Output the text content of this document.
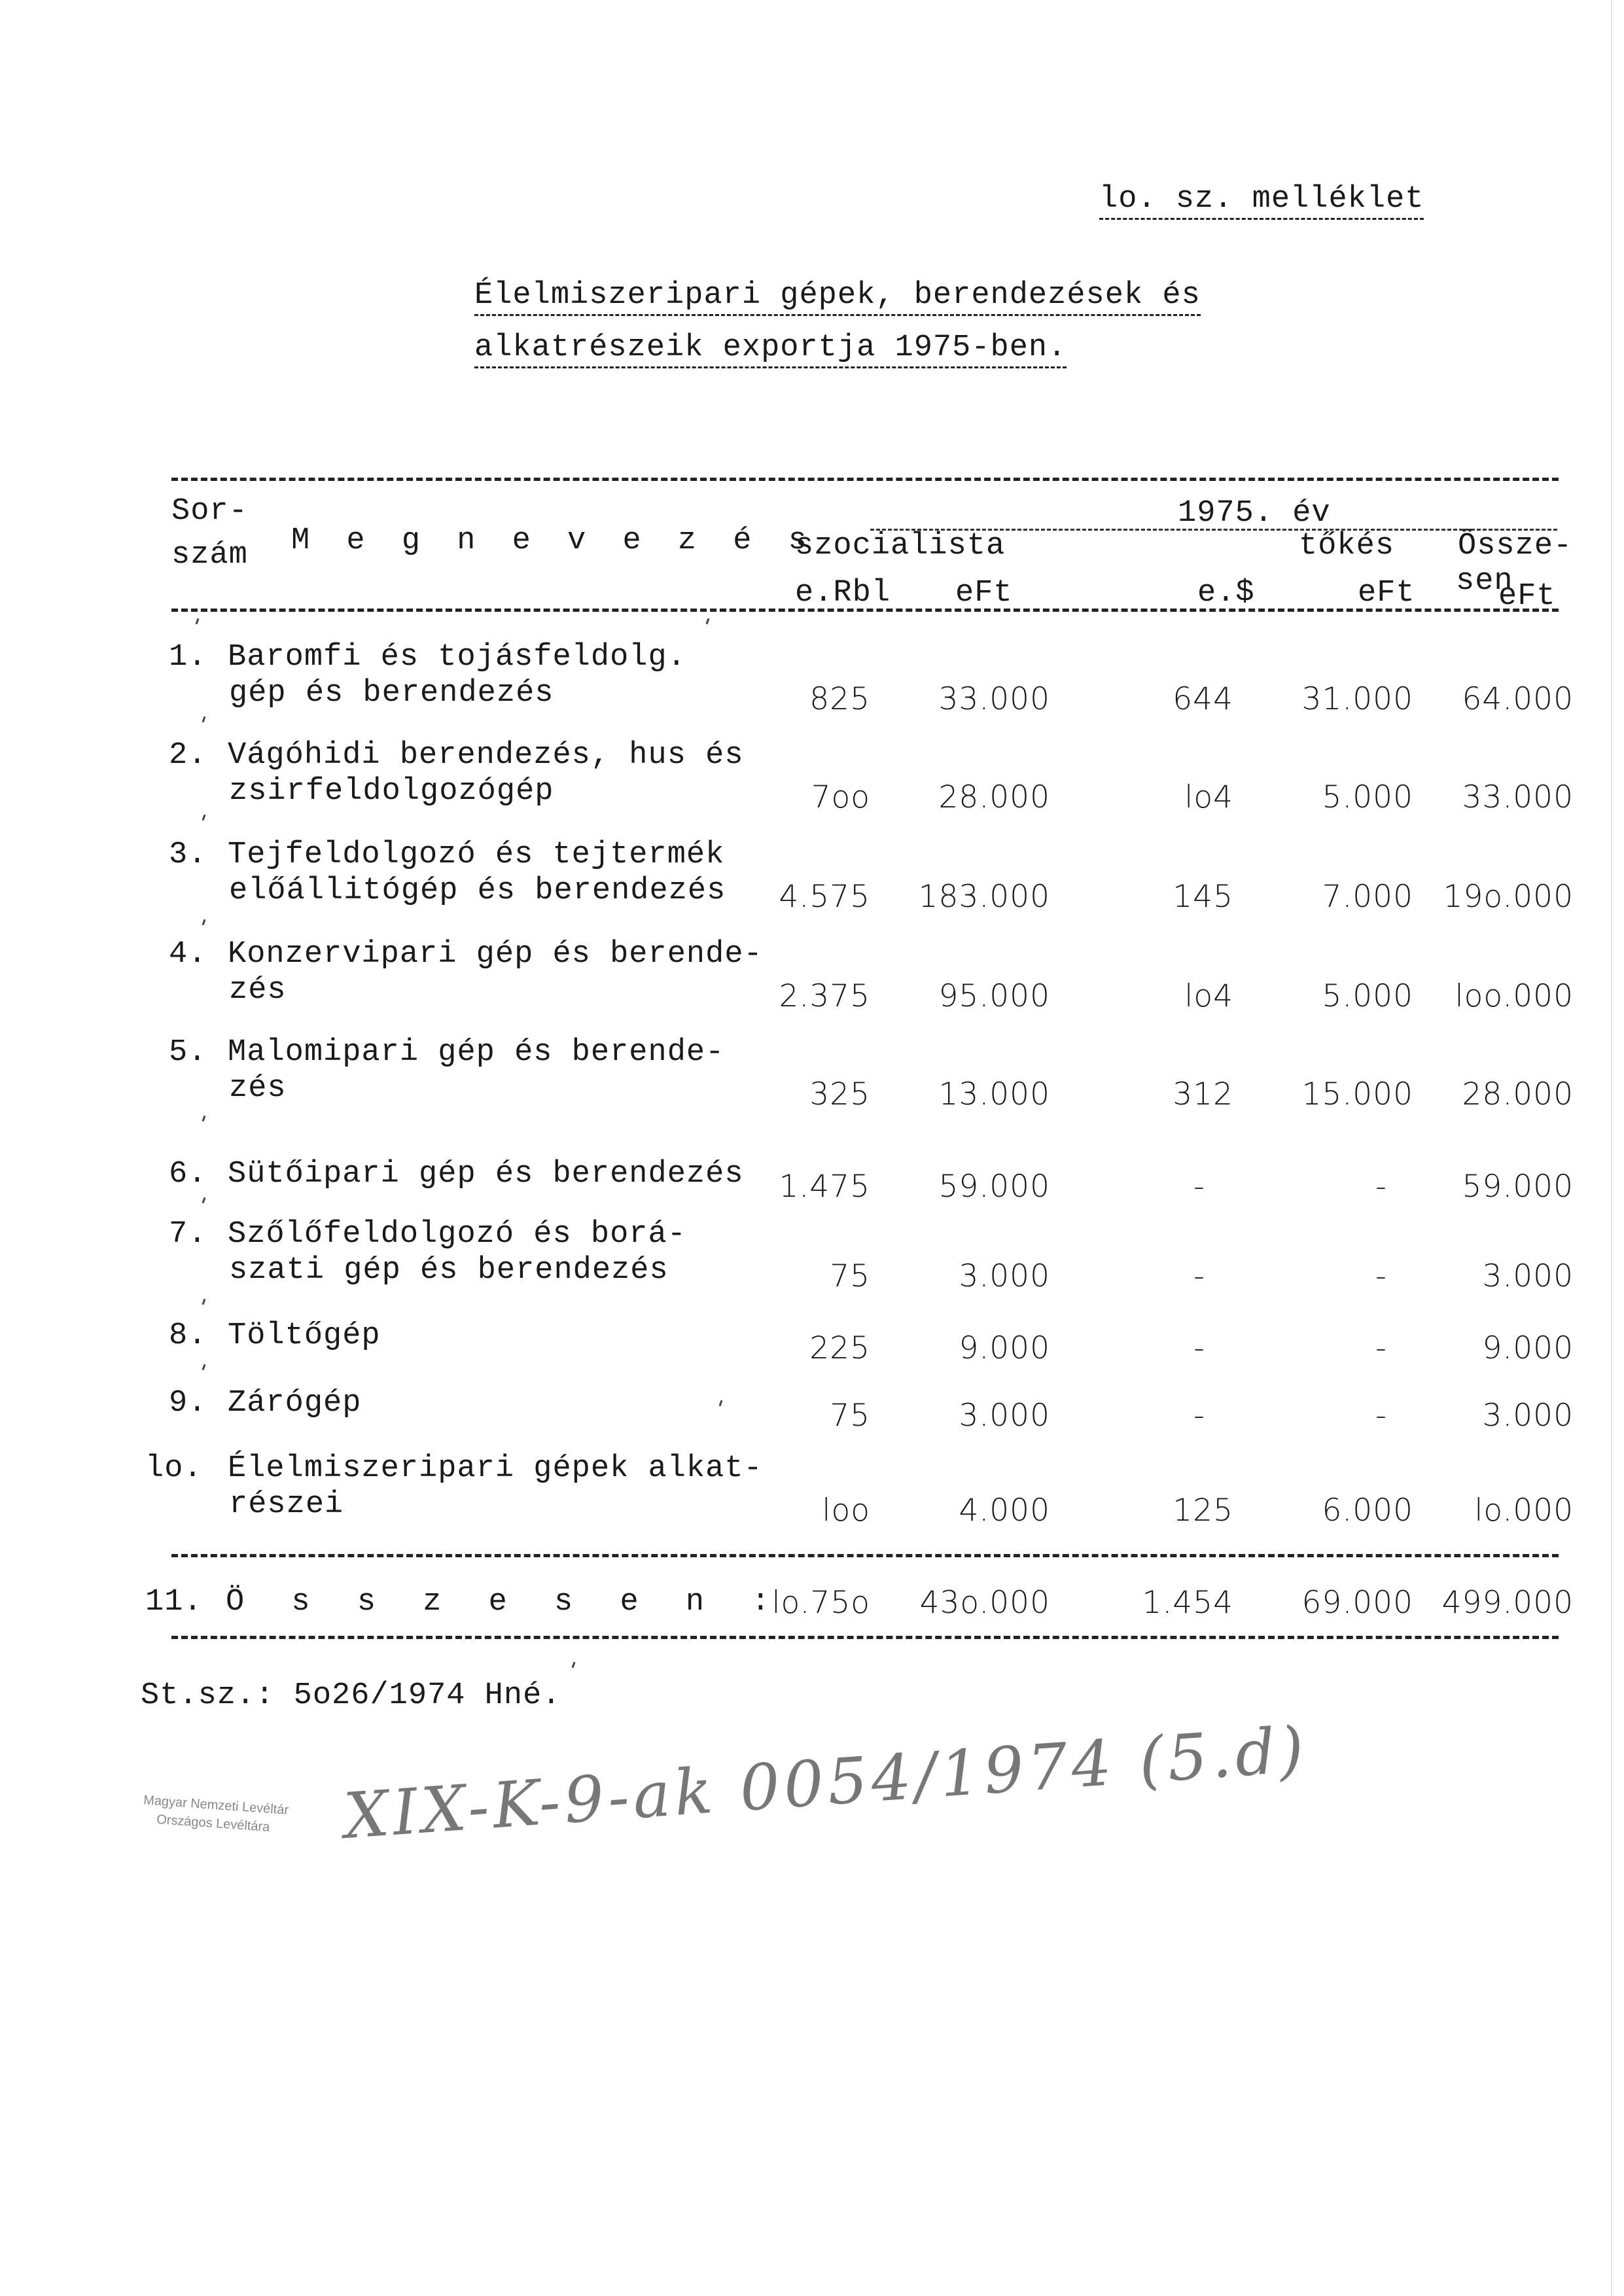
lo. sz. melléklet
Élelmiszeripari gépek, berendezések és
alkatrészeik exportja 1975-ben.
Sor-
szám M e g n e v e z é s
1975. év
szocialista	tőkés Össze-
sen
e.Rbl eFt	e.$	eFt	eFt
1. Baromfi és tojásfeldolg.
gép és berendezés	825 33.000	644 31.000 64.000
2. Vágóhidi berendezés, hus és
zsirfeldolgozógép	7oo 28.000	lo4	5.000 33.000
3. Tejfeldolgozó és tejtermék
előállitógép és berendezés 4.575 183.000	145	7.000 19o.000
4. Konzervipari gép és berende-
zés	2.375 95.000	lo4	5.000 loo.000
5. Malomipari gép és berende-
zés	325 13.000	312 15.000 28.000
6. Sütőipari gép és berendezés 1.475 59.000	-	- 59.000
7. Szőlőfeldolgozó és borá-
szati gép és berendezés	75	3.000	-	-	3.000
8. Töltőgép	225	9.000	-	-	9.000
9. Zárógép	75	3.000	-	-	3.000
lo. Élelmiszeripari gépek alkat-
részei	loo	4.000	125	6.000 lo.000
11. Ö s s z e s e n :
lo.75o 43o.000	1.454 69.000 499.000
St.sz.: 5o26/1974 Hné.
Magyar Nemzeti Levéltár
Országos Levéltára XIX-K-9-ak 0054/1974 (5.d)
